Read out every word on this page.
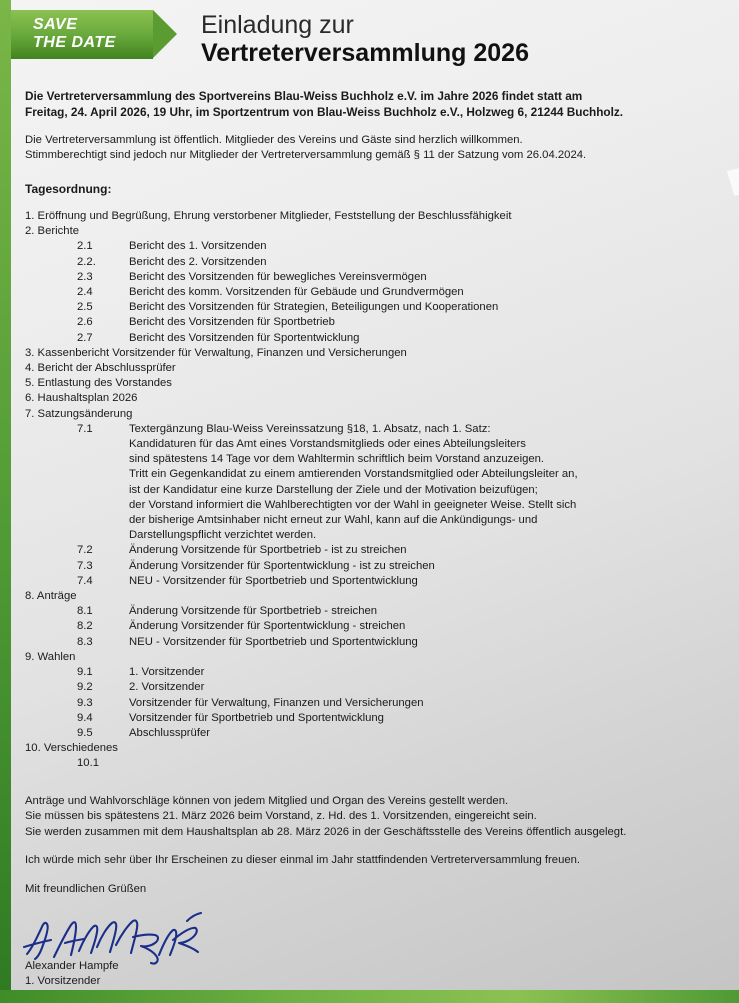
SAVE
THE DATE
Einladung zur
Vertreterversammlung 2026
Die Vertreterversammlung des Sportvereins Blau-Weiss Buchholz e.V. im Jahre 2026 findet statt am
Freitag, 24. April 2026, 19 Uhr, im Sportzentrum von Blau-Weiss Buchholz e.V., Holzweg 6, 21244 Buchholz.
Die Vertreterversammlung ist öffentlich. Mitglieder des Vereins und Gäste sind herzlich willkommen.
Stimmberechtigt sind jedoch nur Mitglieder der Vertreterversammlung gemäß § 11 der Satzung vom 26.04.2024.
Tagesordnung:
1. Eröffnung und Begrüßung, Ehrung verstorbener Mitglieder, Feststellung der Beschlussfähigkeit
2. Berichte
2.1	Bericht des 1. Vorsitzenden
2.2.	Bericht des 2. Vorsitzenden
2.3	Bericht des Vorsitzenden für bewegliches Vereinsvermögen
2.4	Bericht des komm. Vorsitzenden für Gebäude und Grundvermögen
2.5	Bericht des Vorsitzenden für Strategien, Beteiligungen und Kooperationen
2.6	Bericht des Vorsitzenden für Sportbetrieb
2.7	Bericht des Vorsitzenden für Sportentwicklung
3. Kassenbericht Vorsitzender für Verwaltung, Finanzen und Versicherungen
4. Bericht der Abschlussprüfer
5. Entlastung des Vorstandes
6. Haushaltsplan 2026
7. Satzungsänderung
7.1	Textergänzung Blau-Weiss Vereinssatzung §18, 1. Absatz, nach 1. Satz:
Kandidaturen für das Amt eines Vorstandsmitglieds oder eines Abteilungsleiters
sind spätestens 14 Tage vor dem Wahltermin schriftlich beim Vorstand anzuzeigen.
Tritt ein Gegenkandidat zu einem amtierenden Vorstandsmitglied oder Abteilungsleiter an,
ist der Kandidatur eine kurze Darstellung der Ziele und der Motivation beizufügen;
der Vorstand informiert die Wahlberechtigten vor der Wahl in geeigneter Weise. Stellt sich
der bisherige Amtsinhaber nicht erneut zur Wahl, kann auf die Ankündigungs- und
Darstellungspflicht verzichtet werden.
7.2	Änderung Vorsitzende für Sportbetrieb - ist zu streichen
7.3	Änderung Vorsitzender für Sportentwicklung - ist zu streichen
7.4	NEU - Vorsitzender für Sportbetrieb und Sportentwicklung
8. Anträge
8.1	Änderung Vorsitzende für Sportbetrieb - streichen
8.2	Änderung Vorsitzender für Sportentwicklung - streichen
8.3	NEU - Vorsitzender für Sportbetrieb und Sportentwicklung
9. Wahlen
9.1	1. Vorsitzender
9.2	2. Vorsitzender
9.3	Vorsitzender für Verwaltung, Finanzen und Versicherungen
9.4	Vorsitzender für Sportbetrieb und Sportentwicklung
9.5	Abschlussprüfer
10. Verschiedenes
10.1
Anträge und Wahlvorschläge können von jedem Mitglied und Organ des Vereins gestellt werden.
Sie müssen bis spätestens 21. März 2026 beim Vorstand, z. Hd. des 1. Vorsitzenden, eingereicht sein.
Sie werden zusammen mit dem Haushaltsplan ab 28. März 2026 in der Geschäftsstelle des Vereins öffentlich ausgelegt.
Ich würde mich sehr über Ihr Erscheinen zu dieser einmal im Jahr stattfindenden Vertreterversammlung freuen.
Mit freundlichen Grüßen
Alexander Hampfe
1. Vorsitzender
